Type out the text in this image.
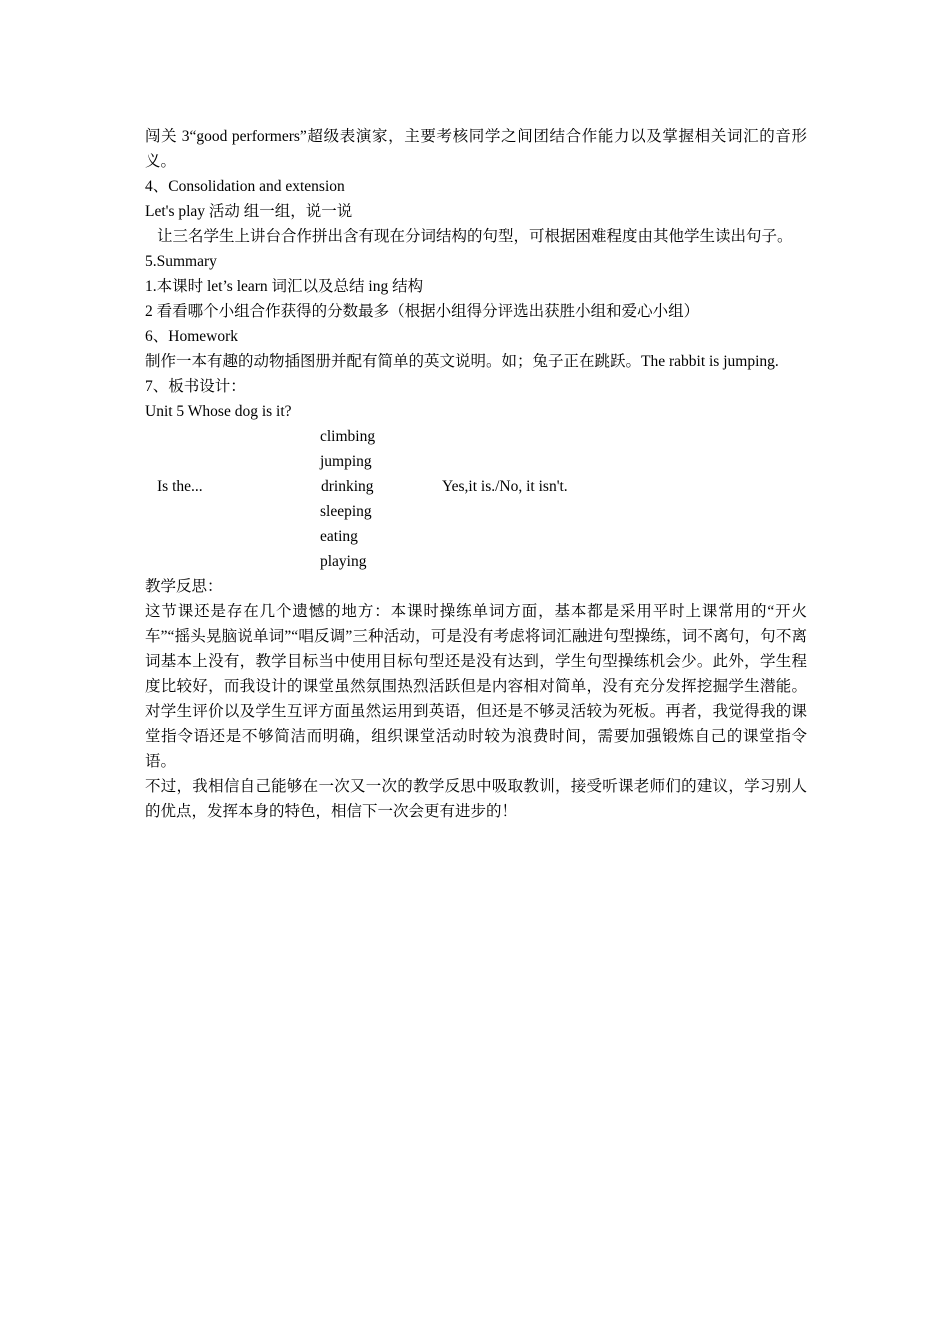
闯关 3“good performers”超级表演家，主要考核同学之间团结合作能力以及掌握相关词汇的音形义。
4、Consolidation and extension
Let's play 活动 组一组，说一说
让三名学生上讲台合作拼出含有现在分词结构的句型，可根据困难程度由其他学生读出句子。
5.Summary
1.本课时 let’s learn 词汇以及总结 ing 结构
2 看看哪个小组合作获得的分数最多（根据小组得分评选出获胜小组和爱心小组）
6、Homework
制作一本有趣的动物插图册并配有简单的英文说明。如；兔子正在跳跃。The rabbit is jumping.
7、板书设计：
Unit 5 Whose dog is it?
Is the...
climbing
jumping
drinking
sleeping
eating
playing
Yes,it is./No, it isn't.
教学反思：
这节课还是存在几个遗憾的地方：本课时操练单词方面，基本都是采用平时上课常用的“开火车”“摇头晃脑说单词”“唱反调”三种活动，可是没有考虑将词汇融进句型操练，词不离句，句不离词基本上没有，教学目标当中使用目标句型还是没有达到，学生句型操练机会少。此外，学生程度比较好，而我设计的课堂虽然氛围热烈活跃但是内容相对简单，没有充分发挥挖掘学生潜能。对学生评价以及学生互评方面虽然运用到英语，但还是不够灵活较为死板。再者，我觉得我的课堂指令语还是不够简洁而明确，组织课堂活动时较为浪费时间，需要加强锻炼自己的课堂指令语。
不过，我相信自己能够在一次又一次的教学反思中吸取教训，接受听课老师们的建议，学习别人的优点，发挥本身的特色，相信下一次会更有进步的！
